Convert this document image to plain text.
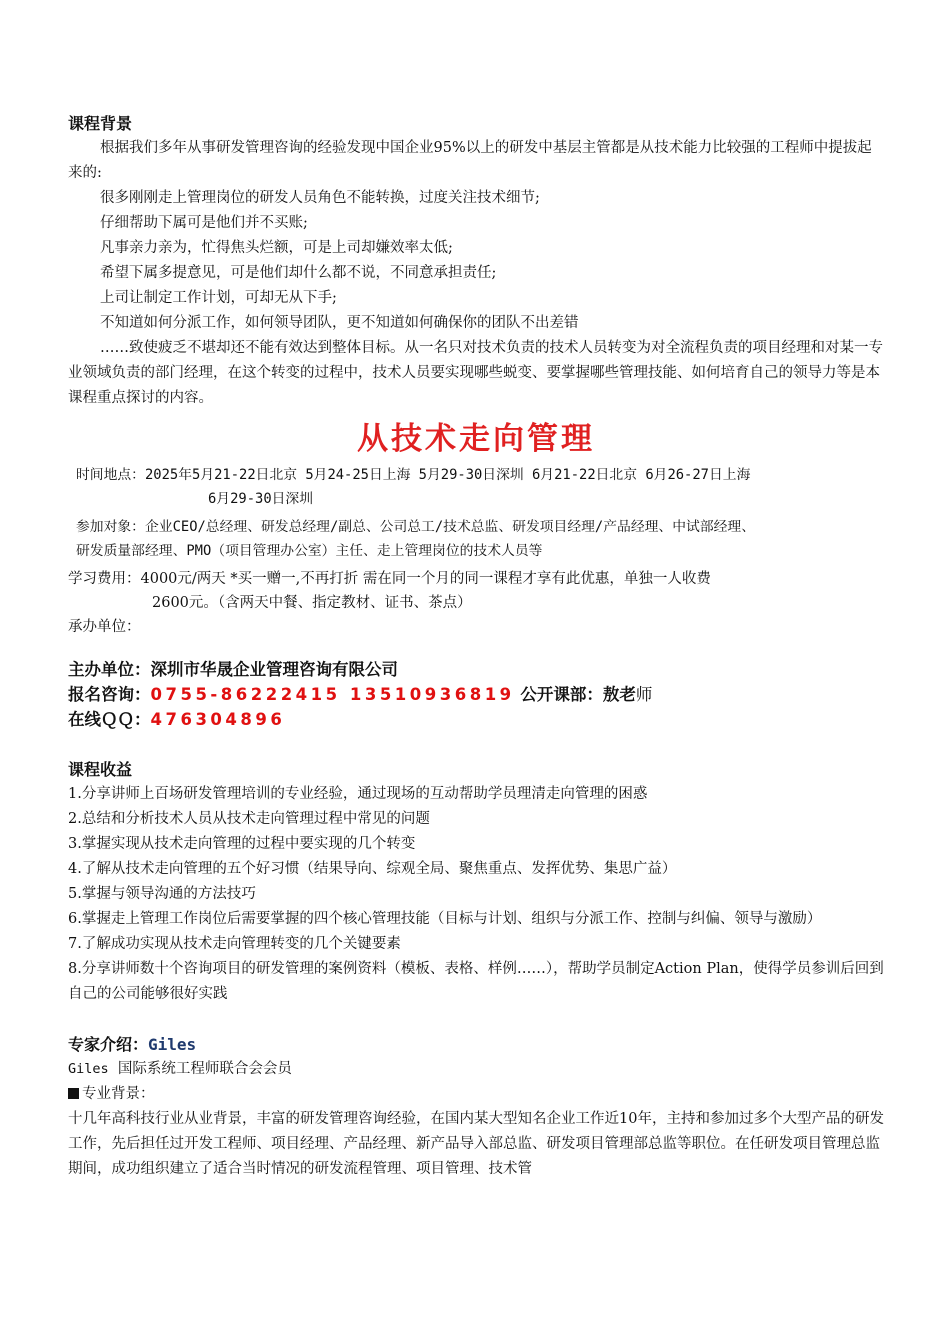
课程背景

根据我们多年从事研发管理咨询的经验发现中国企业95%以上的研发中基层主管都是从技术能力比较强的工程师中提拔起来的:

很多刚刚走上管理岗位的研发人员角色不能转换，过度关注技术细节;

仔细帮助下属可是他们并不买账;

凡事亲力亲为，忙得焦头烂额，可是上司却嫌效率太低;

希望下属多提意见，可是他们却什么都不说，不同意承担责任;

上司让制定工作计划，可却无从下手;

不知道如何分派工作，如何领导团队，更不知道如何确保你的团队不出差错

……致使疲乏不堪却还不能有效达到整体目标。从一名只对技术负责的技术人员转变为对全流程负责的项目经理和对某一专业领域负责的部门经理，在这个转变的过程中，技术人员要实现哪些蜕变、要掌握哪些管理技能、如何培育自己的领导力等是本课程重点探讨的内容。

从技术走向管理

时间地点：2025年5月21-22日北京 5月24-25日上海 5月29-30日深圳 6月21-22日北京 6月26-27日上海

6月29-30日深圳

参加对象：企业CEO/总经理、研发总经理/副总、公司总工/技术总监、研发项目经理/产品经理、中试部经理、

研发质量部经理、PMO（项目管理办公室）主任、走上管理岗位的技术人员等

学习费用：4000元/两天 *买一赠一,不再打折 需在同一个月的同一课程才享有此优惠，单独一人收费

2600元。（含两天中餐、指定教材、证书、茶点）

承办单位：

主办单位：深圳市华晟企业管理咨询有限公司

报名咨询：0755-86222415 13510936819 公开课部：敖老师

在线ＱＱ：476304896

课程收益

1.分享讲师上百场研发管理培训的专业经验，通过现场的互动帮助学员理清走向管理的困惑

2.总结和分析技术人员从技术走向管理过程中常见的问题

3.掌握实现从技术走向管理的过程中要实现的几个转变

4.了解从技术走向管理的五个好习惯（结果导向、综观全局、聚焦重点、发挥优势、集思广益）

5.掌握与领导沟通的方法技巧

6.掌握走上管理工作岗位后需要掌握的四个核心管理技能（目标与计划、组织与分派工作、控制与纠偏、领导与激励）

7.了解成功实现从技术走向管理转变的几个关键要素

8.分享讲师数十个咨询项目的研发管理的案例资料（模板、表格、样例……），帮助学员制定Action Plan，使得学员参训后回到自己的公司能够很好实践

专家介绍：Giles

Giles 国际系统工程师联合会会员

专业背景：

十几年高科技行业从业背景，丰富的研发管理咨询经验，在国内某大型知名企业工作近10年，主持和参加过多个大型产品的研发工作，先后担任过开发工程师、项目经理、产品经理、新产品导入部总监、研发项目管理部总监等职位。在任研发项目管理总监期间，成功组织建立了适合当时情况的研发流程管理、项目管理、技术管
